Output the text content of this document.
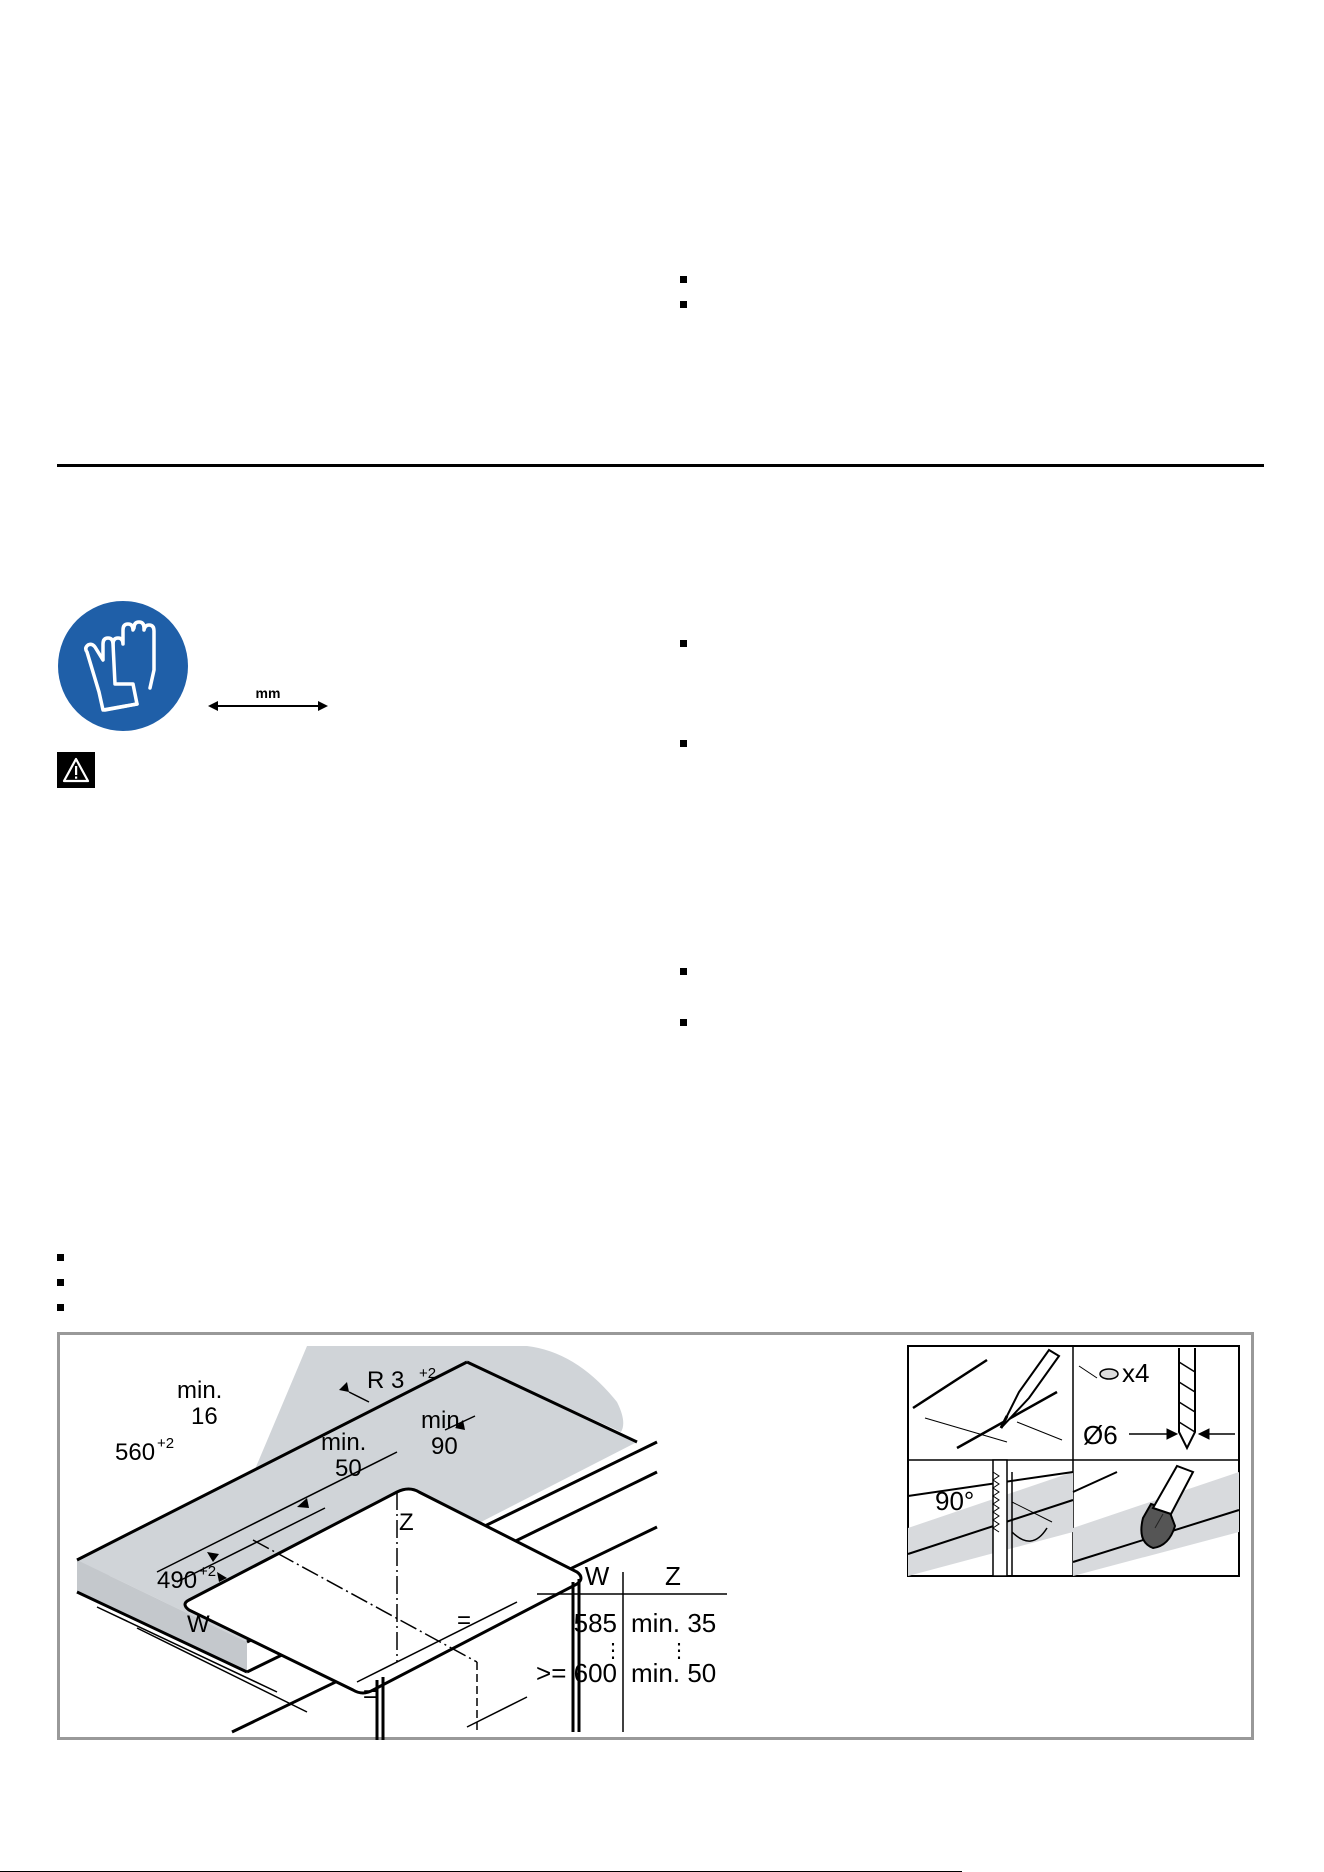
mm
min.
16
R 3 +2
min.
90
560 +2	min.
50
Z
490 +2
W	=
=
W Z
585 min. 35
⋮ ⋮
>= 600 min. 50
x4
Ø6
90°
